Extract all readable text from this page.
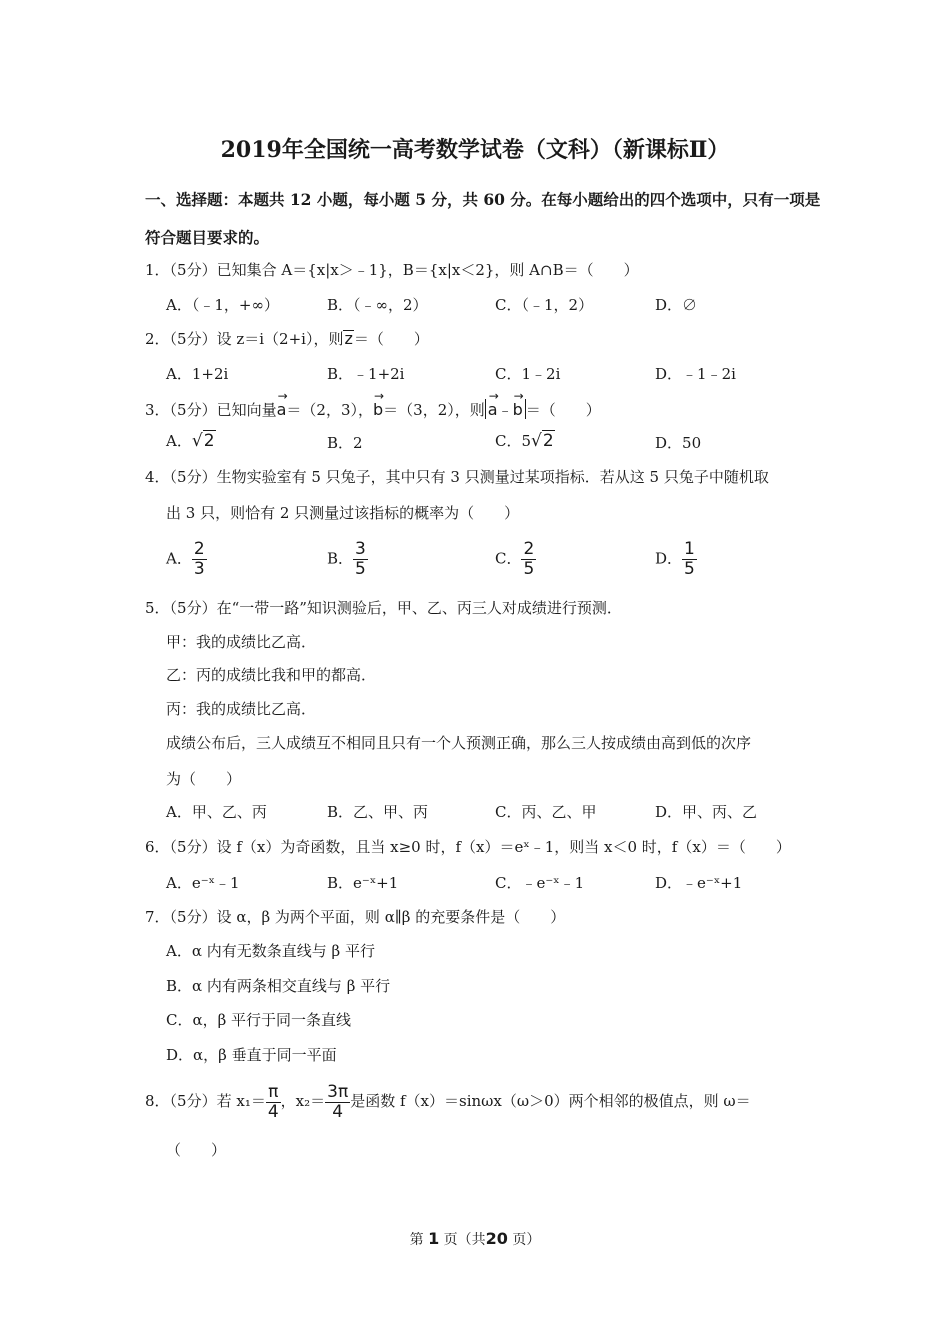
2019年全国统一高考数学试卷（文科）（新课标Ⅱ）
一、选择题：本题共 12 小题，每小题 5 分，共 60 分。在每小题给出的四个选项中，只有一项是
符合题目要求的。
1．（5分）已知集合 A＝{x|x＞﹣1}，B＝{x|x＜2}，则 A∩B＝（　　）
A．（﹣1，+∞）	B．（﹣∞，2）	C．（﹣1，2）	D．∅
2．（5分）设 z＝i（2+i），则z＝（　　）
A．1+2i	B．﹣1+2i	C．1﹣2i	D．﹣1﹣2i
3．（5分）已知向量→ a＝（2，3），→ b＝（3，2），则→ a﹣→ b ＝（　　）
A．√2	B．2	C．5√2	D．50
4．（5分）生物实验室有 5 只兔子，其中只有 3 只测量过某项指标．若从这 5 只兔子中随机取
出 3 只，则恰有 2 只测量过该指标的概率为（　　）
A． $\frac{2}{3}$	B． $\frac{3}{5}$	C． $\frac{2}{5}$	D． $\frac{1}{5}$
5．（5分）在“一带一路”知识测验后，甲、乙、丙三人对成绩进行预测．
甲：我的成绩比乙高．
乙：丙的成绩比我和甲的都高．
丙：我的成绩比乙高．
成绩公布后，三人成绩互不相同且只有一个人预测正确，那么三人按成绩由高到低的次序
为（　　）
A．甲、乙、丙	B．乙、甲、丙	C．丙、乙、甲	D．甲、丙、乙
6．（5分）设 f（x）为奇函数，且当 x≥0 时，f（x）＝eˣ﹣1，则当 x＜0 时，f（x）＝（　　）
A．e⁻ˣ﹣1	B．e⁻ˣ+1	C．﹣e⁻ˣ﹣1	D．﹣e⁻ˣ+1
7．（5分）设 α，β 为两个平面，则 α∥β 的充要条件是（　　）
A．α 内有无数条直线与 β 平行
B．α 内有两条相交直线与 β 平行
C．α，β 平行于同一条直线
D．α，β 垂直于同一平面
8．（5分）若 $x_1= \frac{\pi}{4}$ ，$x_2= \frac{3\pi}{4}$ 是函数 f（x）＝sinωx（ω＞0）两个相邻的极值点，则 ω＝
（　　）
第 1 页（共20 页）
